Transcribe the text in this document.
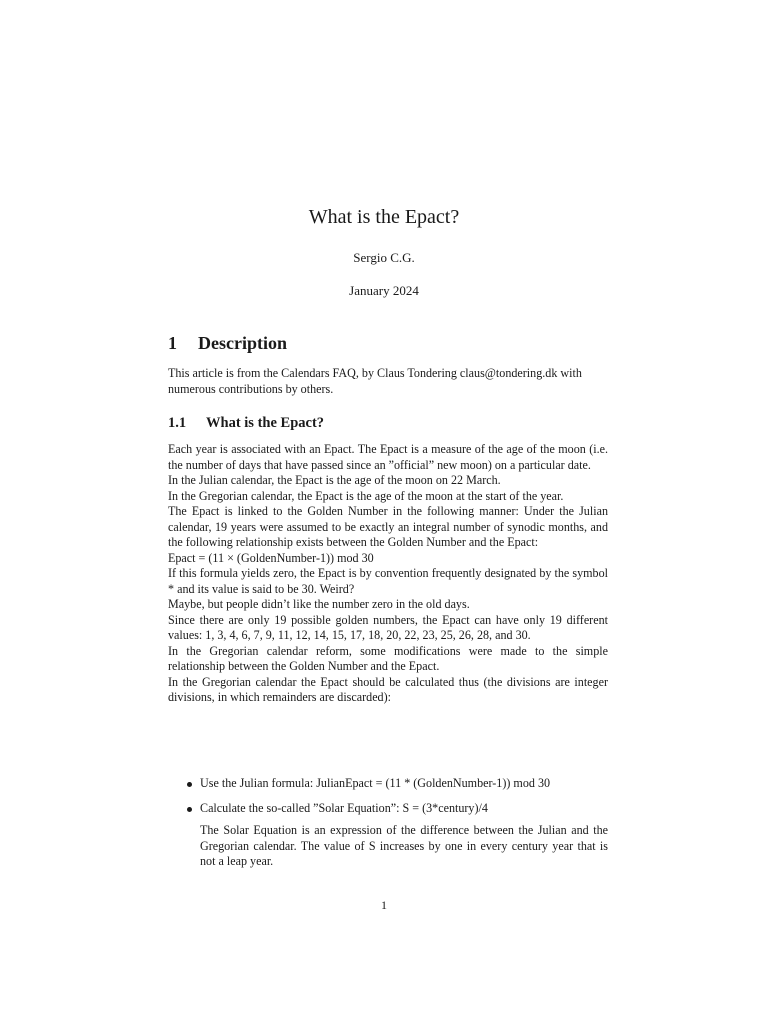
What is the Epact?
Sergio C.G.
January 2024
1 Description
This article is from the Calendars FAQ, by Claus Tondering claus@tondering.dk with numerous contributions by others.
1.1 What is the Epact?

Each year is associated with an Epact. The Epact is a measure of the age of the moon (i.e. the number of days that have passed since an ”official” new moon) on a particular date.

In the Julian calendar, the Epact is the age of the moon on 22 March.

In the Gregorian calendar, the Epact is the age of the moon at the start of the year.

The Epact is linked to the Golden Number in the following manner: Under the Julian calendar, 19 years were assumed to be exactly an integral number of synodic months, and the following relationship exists between the Golden Number and the Epact:

Epact = (11 × (GoldenNumber-1)) mod 30

If this formula yields zero, the Epact is by convention frequently designated by the symbol * and its value is said to be 30. Weird?

Maybe, but people didn’t like the number zero in the old days.

Since there are only 19 possible golden numbers, the Epact can have only 19 different values: 1, 3, 4, 6, 7, 9, 11, 12, 14, 15, 17, 18, 20, 22, 23, 25, 26, 28, and 30.

In the Gregorian calendar reform, some modifications were made to the simple relationship between the Golden Number and the Epact.

In the Gregorian calendar the Epact should be calculated thus (the divisions are integer divisions, in which remainders are discarded):

Use the Julian formula: JulianEpact = (11 * (GoldenNumber-1)) mod 30
Calculate the so-called ”Solar Equation”: S = (3*century)/4
The Solar Equation is an expression of the difference between the Julian and the Gregorian calendar. The value of S increases by one in every century year that is not a leap year.
1
